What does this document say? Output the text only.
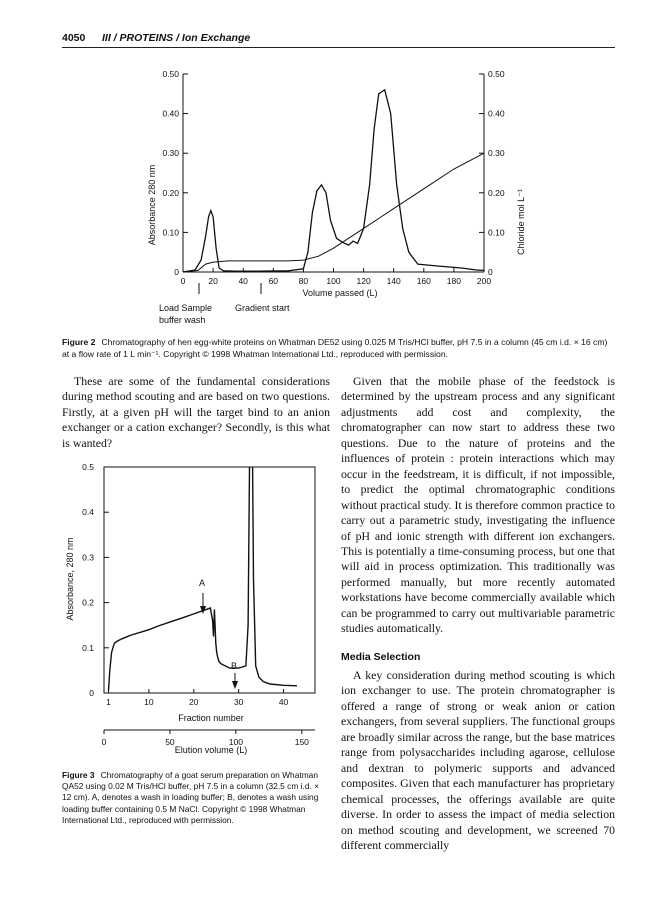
4050 III / PROTEINS / Ion Exchange
0	0
0.10	0.10
0.20	0.20
0.30	0.30
0.40	0.40
0.50	0.50
0	20 40 60 80 100 120 140 160 180 200
Absorbance 280 nm	Chloride mol L⁻¹
Volume passed (L)
Load Sample
buffer wash
Gradient start
Figure 2 Chromatography of hen egg-white proteins on Whatman DE52 using 0.025 M Tris/HCl buffer, pH 7.5 in a column (45 cm i.d. × 16 cm) at a flow rate of 1 L min⁻¹. Copyright © 1998 Whatman International Ltd., reproduced with permission.

These are some of the fundamental considerations during method scouting and are based on two questions. Firstly, at a given pH will the target bind to an anion exchanger or a cation exchanger? Secondly, is this what is wanted?

0
0.1
0.2
0.3
0.4
0.5
1	10	20	30	40
0	50	100	150
Absorbance, 280 nm
Fraction number
Elution volume (L)
A
B
Figure 3 Chromatography of a goat serum preparation on Whatman QA52 using 0.02 M Tris/HCl buffer, pH 7.5 in a column (32.5 cm i.d. × 12 cm). A, denotes a wash in loading buffer; B, denotes a wash using loading buffer containing 0.5 M NaCl. Copyright © 1998 Whatman International Ltd., reproduced with permission.

Given that the mobile phase of the feedstock is determined by the upstream process and any significant adjustments add cost and complexity, the chromatographer can now start to address these two questions. Due to the nature of proteins and the influences of protein : protein interactions which may occur in the feedstream, it is difficult, if not impossible, to predict the optimal chromatographic conditions without practical study. It is therefore common practice to carry out a parametric study, investigating the influence of pH and ionic strength with different ion exchangers. This is potentially a time-consuming process, but one that will aid in process optimization. This traditionally was performed manually, but more recently automated workstations have become commercially available which can be programmed to carry out multivariable parametric studies automatically.

Media Selection

A key consideration during method scouting is which ion exchanger to use. The protein chromatographer is offered a range of strong or weak anion or cation exchangers, from several suppliers. The functional groups are broadly similar across the range, but the base matrices range from polysaccharides including agarose, cellulose and dextran to polymeric supports and advanced composites. Given that each manufacturer has proprietary chemical processes, the offerings available are quite diverse. In order to assess the impact of media selection on method scouting and development, we screened 70 different commercially
